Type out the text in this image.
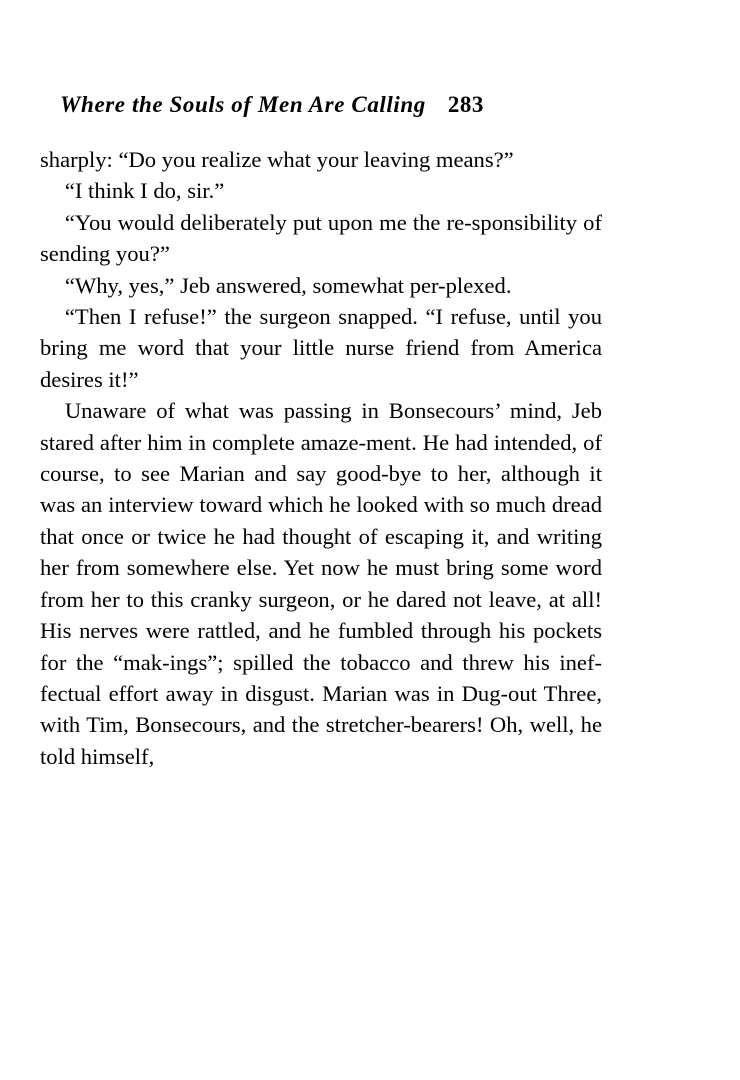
Where the Souls of Men Are Calling 283

sharply: “Do you realize what your leaving means?”

“I think I do, sir.”

“You would deliberately put upon me the re-sponsibility of sending you?”

“Why, yes,” Jeb answered, somewhat per-plexed.

“Then I refuse!” the surgeon snapped. “I refuse, until you bring me word that your little nurse friend from America desires it!”

Unaware of what was passing in Bonsecours’ mind, Jeb stared after him in complete amaze-ment. He had intended, of course, to see Marian and say good-bye to her, although it was an interview toward which he looked with so much dread that once or twice he had thought of escaping it, and writing her from somewhere else. Yet now he must bring some word from her to this cranky surgeon, or he dared not leave, at all! His nerves were rattled, and he fumbled through his pockets for the “mak-ings”; spilled the tobacco and threw his inef-fectual effort away in disgust. Marian was in Dug-out Three, with Tim, Bonsecours, and the stretcher-bearers! Oh, well, he told himself,
